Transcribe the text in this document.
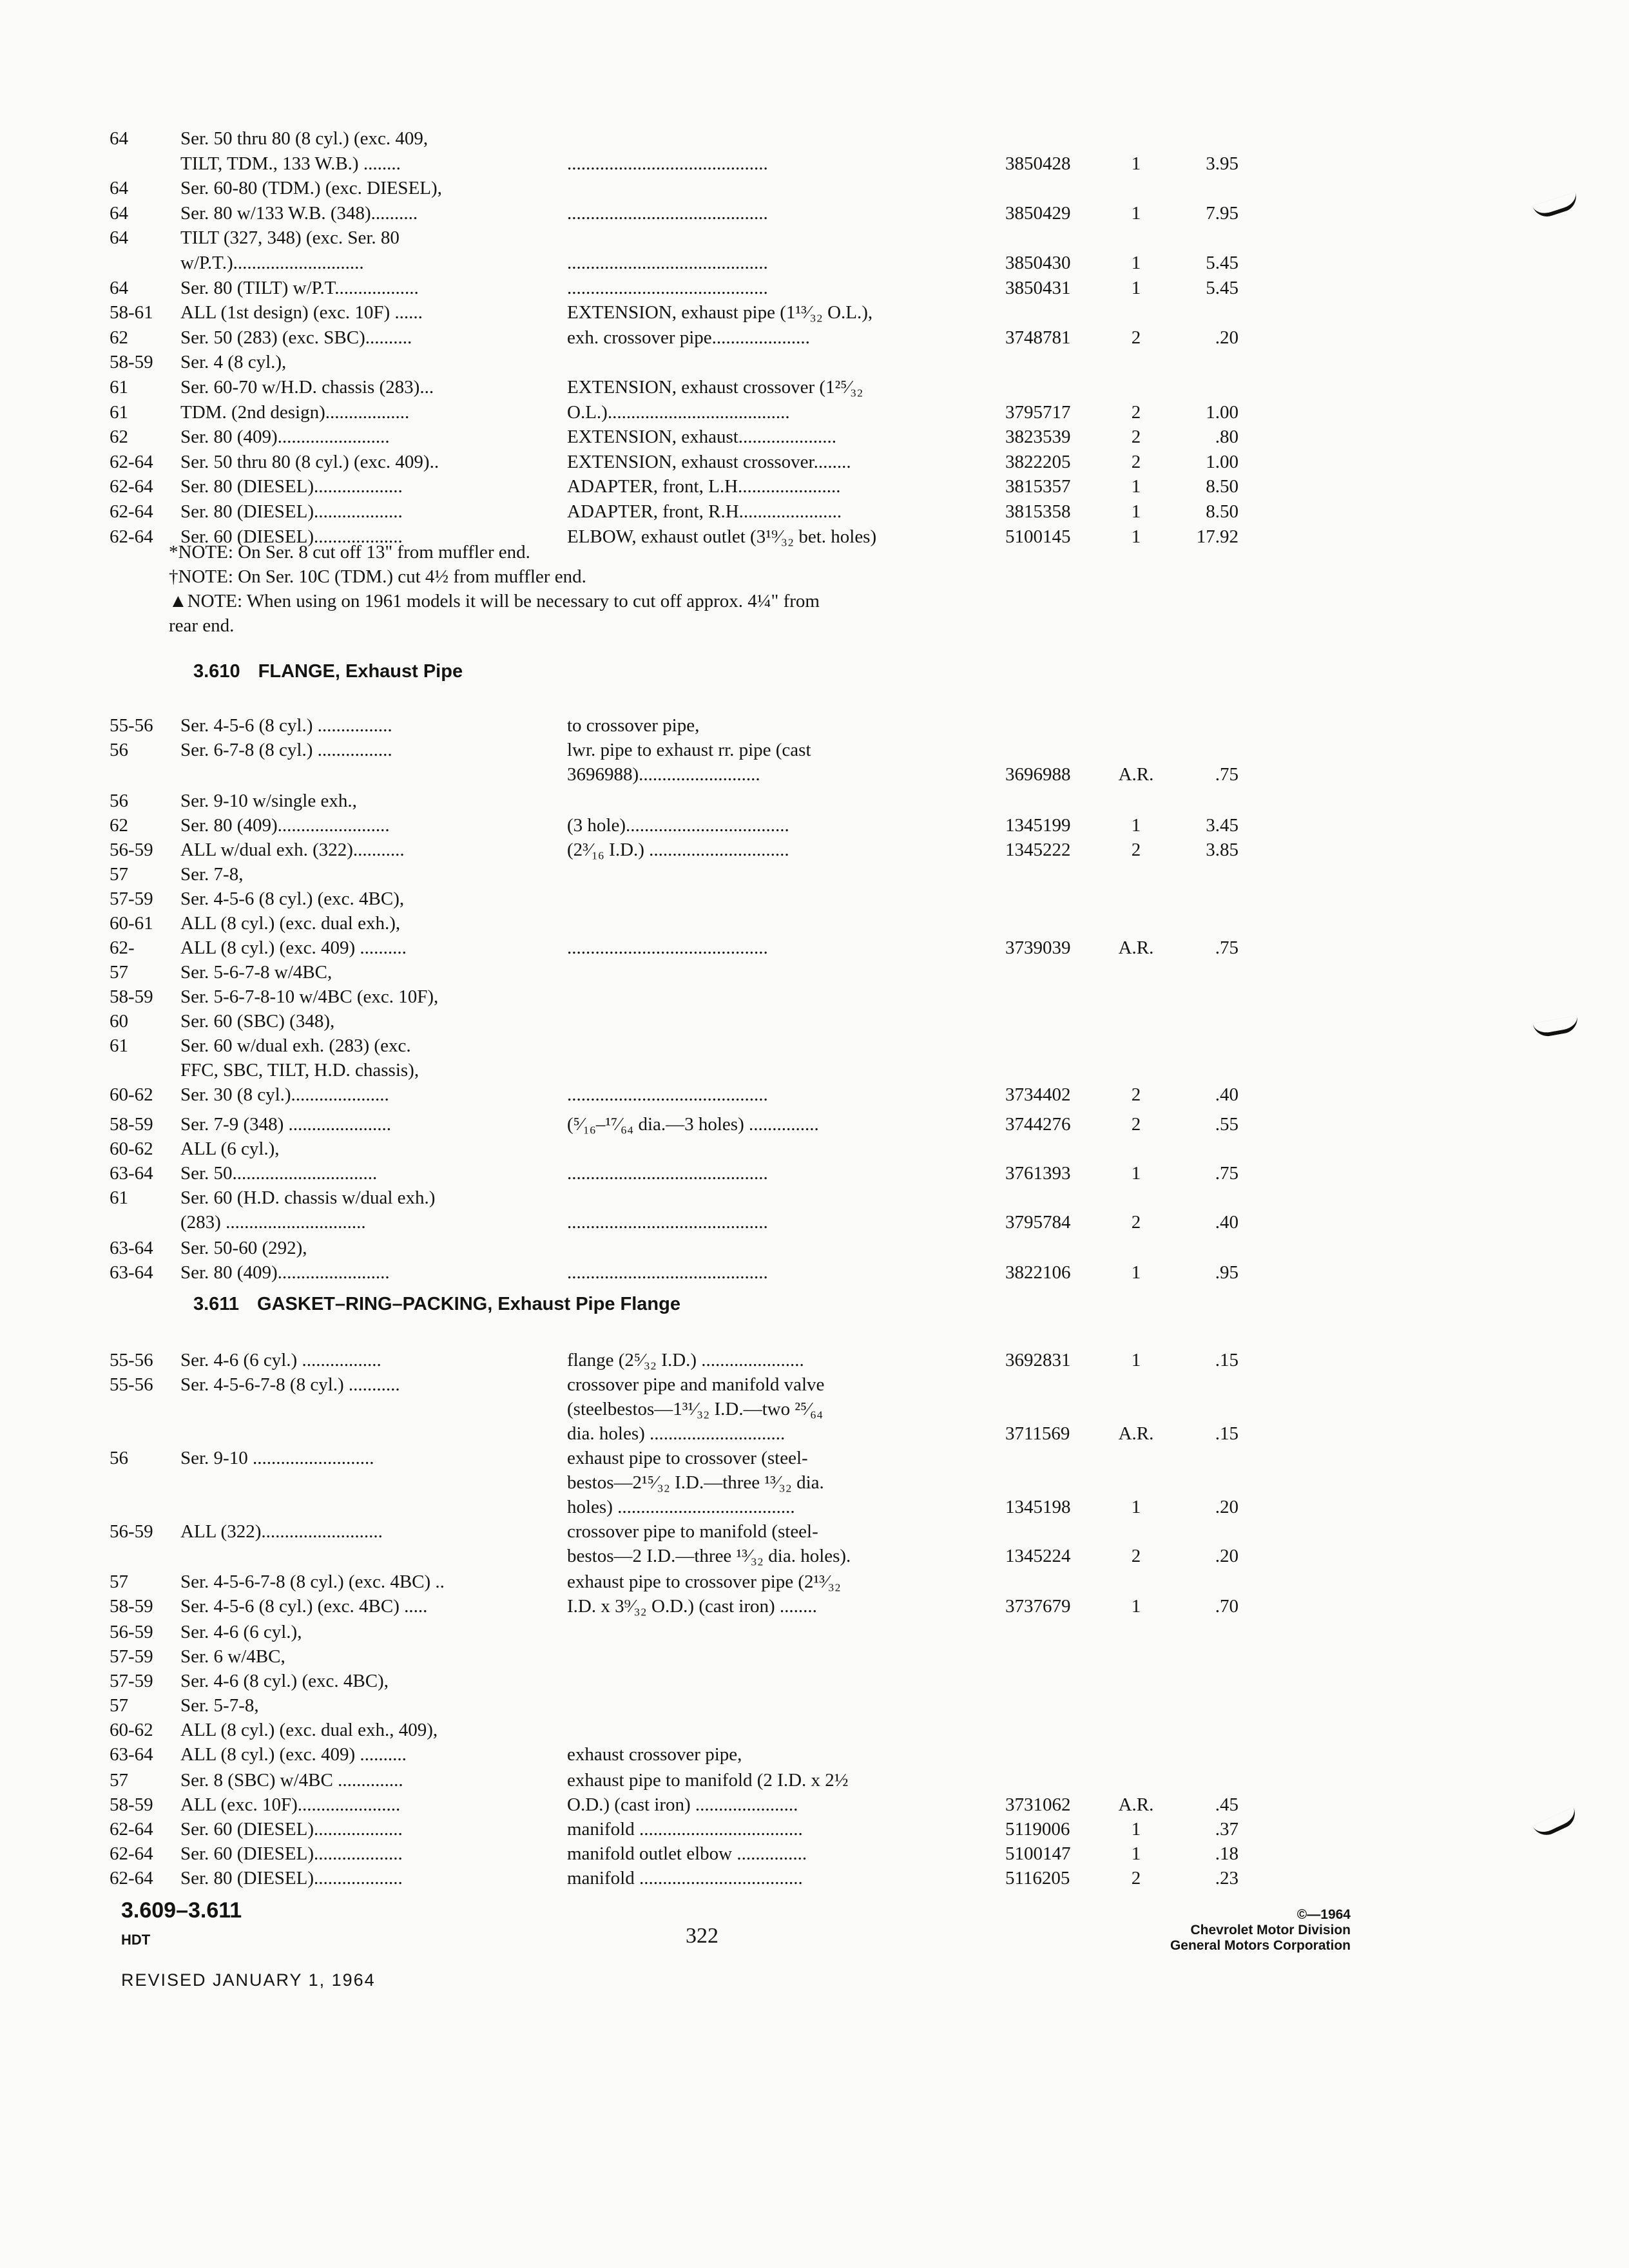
64	Ser. 50 thru 80 (8 cyl.) (exc. 409,
TILT, TDM., 133 W.B.) ........	...........................................	3850428	1	3.95
64	Ser. 60-80 (TDM.) (exc. DIESEL),
64	Ser. 80 w/133 W.B. (348)..........	...........................................	3850429	1	7.95
64	TILT (327, 348) (exc. Ser. 80
w/P.T.)............................	...........................................	3850430	1	5.45
64	Ser. 80 (TILT) w/P.T..................	...........................................	3850431	1	5.45
58-61 ALL (1st design) (exc. 10F) ......	EXTENSION, exhaust pipe (1¹³⁄₃₂ O.L.),
62	Ser. 50 (283) (exc. SBC)..........	exh. crossover pipe.....................	3748781	2	.20
58-59 Ser. 4 (8 cyl.),
61	Ser. 60-70 w/H.D. chassis (283)...	EXTENSION, exhaust crossover (1²⁵⁄₃₂
61	TDM. (2nd design)..................	O.L.).......................................	3795717	2	1.00
62	Ser. 80 (409)........................	EXTENSION, exhaust.....................	3823539	2	.80
62-64 Ser. 50 thru 80 (8 cyl.) (exc. 409)..	EXTENSION, exhaust crossover........	3822205	2	1.00
62-64 Ser. 80 (DIESEL)...................	ADAPTER, front, L.H......................	3815357	1	8.50
62-64 Ser. 80 (DIESEL)...................	ADAPTER, front, R.H......................	3815358	1	8.50
62-64 Ser. 60 (DIESEL)...................	ELBOW, exhaust outlet (3¹⁹⁄₃₂ bet. holes)	5100145	1	17.92
*NOTE: On Ser. 8 cut off 13" from muffler end.
†NOTE: On Ser. 10C (TDM.) cut 4½ from muffler end.
▲NOTE: When using on 1961 models it will be necessary to cut off approx. 4¼" from
rear end.
3.610 FLANGE, Exhaust Pipe
55-56 Ser. 4-5-6 (8 cyl.) ................	to crossover pipe,
56	Ser. 6-7-8 (8 cyl.) ................	lwr. pipe to exhaust rr. pipe (cast
3696988)..........................	3696988	A.R.	.75
56	Ser. 9-10 w/single exh.,
62	Ser. 80 (409)........................	(3 hole)...................................	1345199	1	3.45
56-59 ALL w/dual exh. (322)...........	(2³⁄₁₆ I.D.) ..............................	1345222	2	3.85
57	Ser. 7-8,
57-59 Ser. 4-5-6 (8 cyl.) (exc. 4BC),
60-61 ALL (8 cyl.) (exc. dual exh.),
62- ALL (8 cyl.) (exc. 409) ..........	...........................................	3739039	A.R.	.75
57	Ser. 5-6-7-8 w/4BC,
58-59 Ser. 5-6-7-8-10 w/4BC (exc. 10F),
60	Ser. 60 (SBC) (348),
61	Ser. 60 w/dual exh. (283) (exc.
FFC, SBC, TILT, H.D. chassis),
60-62 Ser. 30 (8 cyl.).....................	...........................................	3734402	2	.40
58-59 Ser. 7-9 (348) ......................	(⁵⁄₁₆–¹⁷⁄₆₄ dia.—3 holes) ...............	3744276	2	.55
60-62 ALL (6 cyl.),
63-64 Ser. 50...............................	...........................................	3761393	1	.75
61	Ser. 60 (H.D. chassis w/dual exh.)
(283) ..............................	...........................................	3795784	2	.40
63-64 Ser. 50-60 (292),
63-64 Ser. 80 (409)........................	...........................................	3822106	1	.95
3.611 GASKET–RING–PACKING, Exhaust Pipe Flange
55-56 Ser. 4-6 (6 cyl.) .................	flange (2⁵⁄₃₂ I.D.) ......................	3692831	1	.15
55-56 Ser. 4-5-6-7-8 (8 cyl.) ...........	crossover pipe and manifold valve
(steelbestos—1³¹⁄₃₂ I.D.—two ²⁵⁄₆₄
dia. holes) .............................	3711569	A.R.	.15
56	Ser. 9-10 ..........................	exhaust pipe to crossover (steel-
bestos—2¹⁵⁄₃₂ I.D.—three ¹³⁄₃₂ dia.
holes) ......................................	1345198	1	.20
56-59 ALL (322)..........................	crossover pipe to manifold (steel-
bestos—2 I.D.—three ¹³⁄₃₂ dia. holes).	1345224	2	.20
57	Ser. 4-5-6-7-8 (8 cyl.) (exc. 4BC) ..	exhaust pipe to crossover pipe (2¹³⁄₃₂
58-59 Ser. 4-5-6 (8 cyl.) (exc. 4BC) .....	I.D. x 3⁹⁄₃₂ O.D.) (cast iron) ........	3737679	1	.70
56-59 Ser. 4-6 (6 cyl.),
57-59 Ser. 6 w/4BC,
57-59 Ser. 4-6 (8 cyl.) (exc. 4BC),
57	Ser. 5-7-8,
60-62 ALL (8 cyl.) (exc. dual exh., 409),
63-64 ALL (8 cyl.) (exc. 409) ..........	exhaust crossover pipe,
57	Ser. 8 (SBC) w/4BC ..............	exhaust pipe to manifold (2 I.D. x 2½
58-59 ALL (exc. 10F)......................	O.D.) (cast iron) ......................	3731062	A.R.	.45
62-64 Ser. 60 (DIESEL)...................	manifold ...................................	5119006	1	.37
62-64 Ser. 60 (DIESEL)...................	manifold outlet elbow ...............	5100147	1	.18
62-64 Ser. 80 (DIESEL)...................	manifold ...................................	5116205	2	.23
3.609–3.611
HDT	322
©—1964
Chevrolet Motor Division
General Motors Corporation
REVISED JANUARY 1, 1964
